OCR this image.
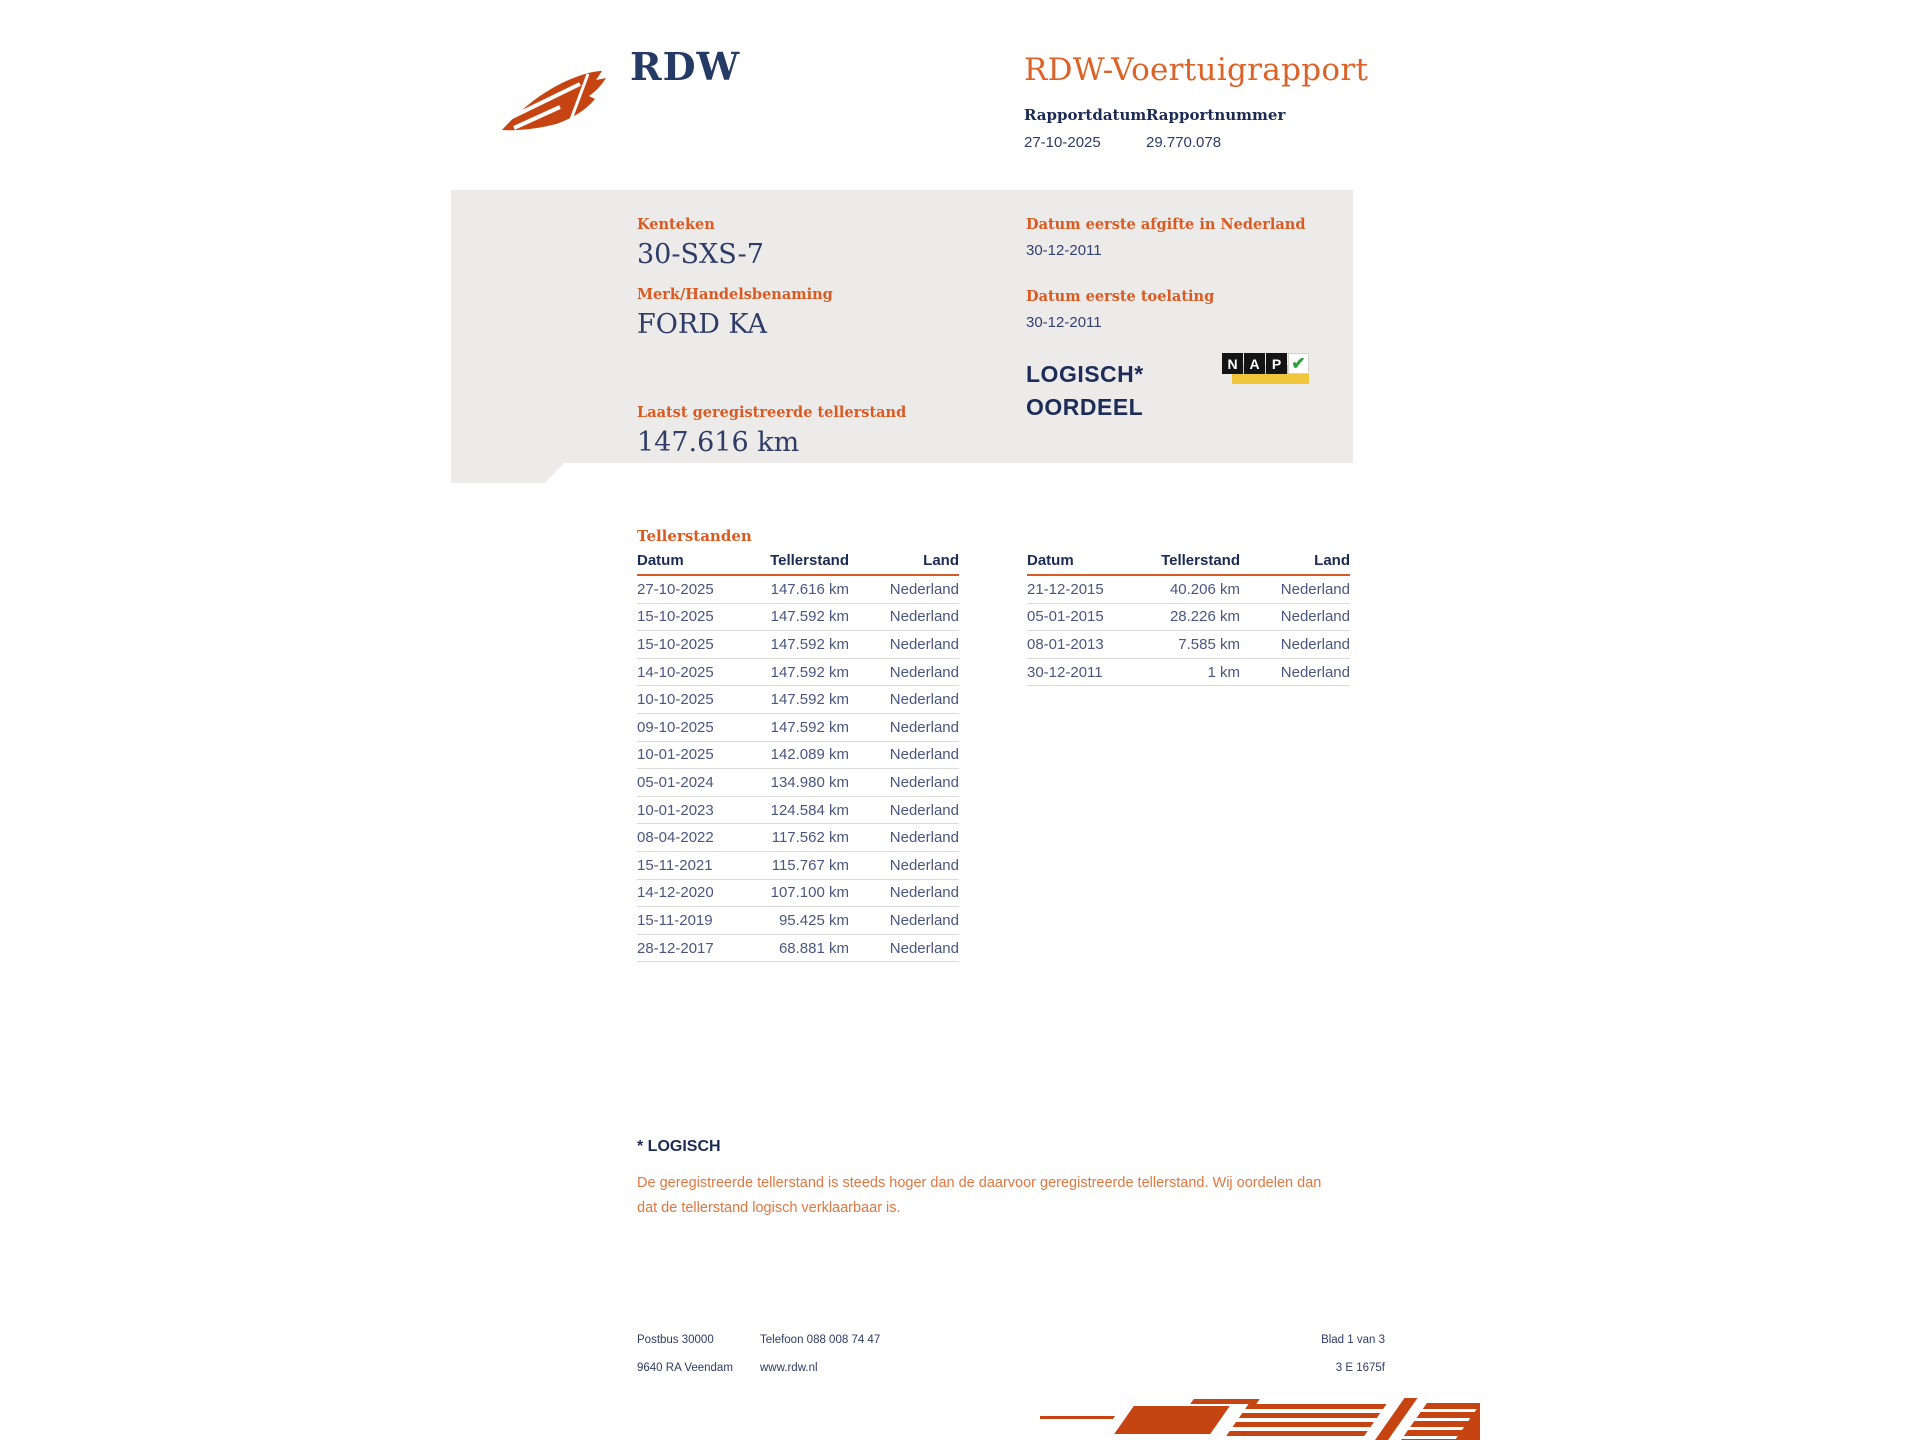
RDW	RDW-Voertuigrapport
Rapportdatum
27-10-2025
Rapportnummer
29.770.078
Kenteken
30-SXS-7
Merk/Handelsbenaming
FORD KA
Laatst geregistreerde tellerstand
147.616 km
Datum eerste afgifte in Nederland
30-12-2011
Datum eerste toelating
30-12-2011
LOGISCH*
OORDEEL
N A P ✔
Tellerstanden
Datum	Tellerstand	Land
27-10-2025	147.616 km	Nederland
15-10-2025	147.592 km	Nederland
15-10-2025	147.592 km	Nederland
14-10-2025	147.592 km	Nederland
10-10-2025	147.592 km	Nederland
09-10-2025	147.592 km	Nederland
10-01-2025	142.089 km	Nederland
05-01-2024	134.980 km	Nederland
10-01-2023	124.584 km	Nederland
08-04-2022	117.562 km	Nederland
15-11-2021	115.767 km	Nederland
14-12-2020	107.100 km	Nederland
15-11-2019	95.425 km	Nederland
28-12-2017	68.881 km	Nederland
Datum	Tellerstand	Land
21-12-2015	40.206 km	Nederland
05-01-2015	28.226 km	Nederland
08-01-2013	7.585 km	Nederland
30-12-2011	1 km	Nederland
* LOGISCH
De geregistreerde tellerstand is steeds hoger dan de daarvoor geregistreerde tellerstand. Wij oordelen dan
dat de tellerstand logisch verklaarbaar is.
Postbus 30000
9640 RA Veendam
Telefoon 088 008 74 47
www.rdw.nl
Blad 1 van 3
3 E 1675f
